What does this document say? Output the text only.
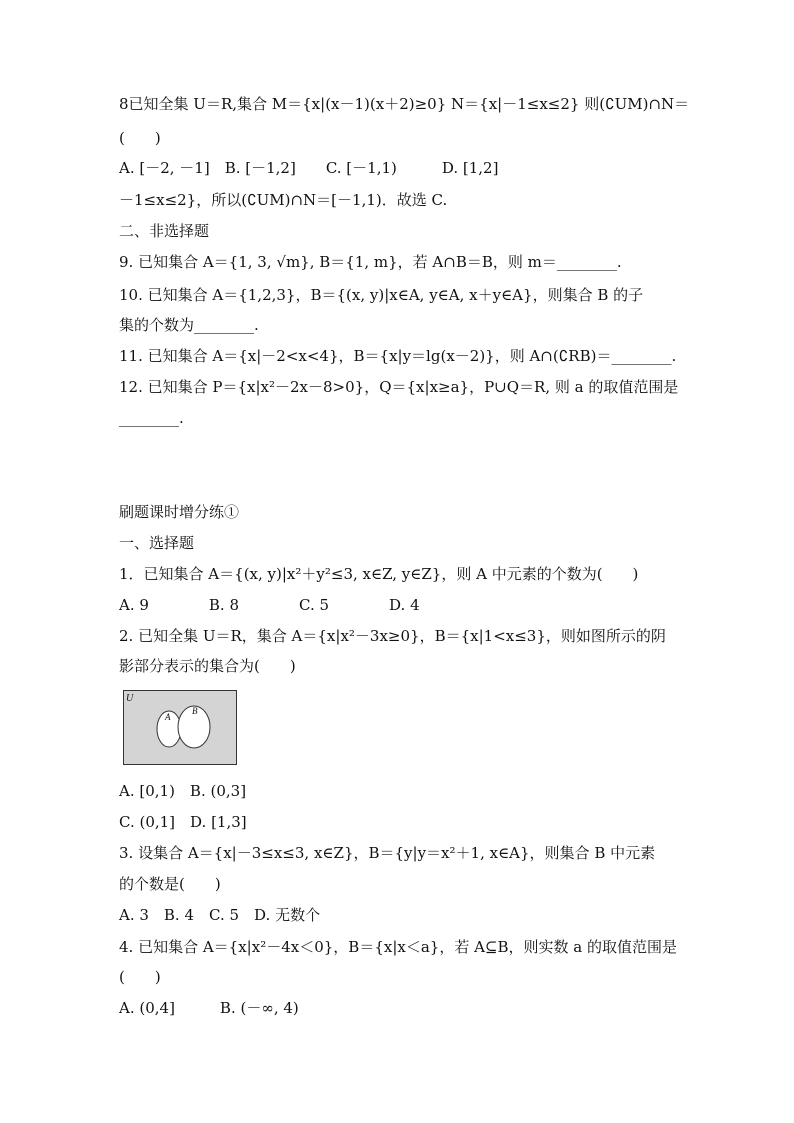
8已知全集 U＝R,集合 M＝{x|(x－1)(x＋2)≥0} N＝{x|－1≤x≤2} 则(∁UM)∩N＝
(　　)
A. [－2, －1]　B. [－1,2]　　C. [－1,1)　　　D. [1,2]
－1≤x≤2}，所以(∁UM)∩N＝[－1,1)．故选 C.
二、非选择题
9. 已知集合 A＝{1, 3, √m}, B＝{1, m}，若 A∩B＝B，则 m＝________.
10. 已知集合 A＝{1,2,3}，B＝{(x, y)|x∈A, y∈A, x＋y∈A}，则集合 B 的子
集的个数为________.
11. 已知集合 A＝{x|－2<x<4}，B＝{x|y＝lg(x－2)}，则 A∩(∁RB)＝________.
12. 已知集合 P＝{x|x²－2x－8>0}，Q＝{x|x≥a}，P∪Q＝R, 则 a 的取值范围是
________.
刷题课时增分练①
一、选择题
1．已知集合 A＝{(x, y)|x²＋y²≤3, x∈Z, y∈Z}，则 A 中元素的个数为(　　)
A. 9　　　　B. 8　　　　C. 5　　　　D. 4
2. 已知全集 U＝R，集合 A＝{x|x²－3x≥0}，B＝{x|1<x≤3}，则如图所示的阴
影部分表示的集合为(　　)
U
A
B
A. [0,1)　B. (0,3]
C. (0,1]　D. [1,3]
3. 设集合 A＝{x|－3≤x≤3, x∈Z}，B＝{y|y＝x²＋1, x∈A}，则集合 B 中元素
的个数是(　　)
A. 3　B. 4　C. 5　D. 无数个
4. 已知集合 A＝{x|x²－4x＜0}，B＝{x|x＜a}，若 A⊆B，则实数 a 的取值范围是
(　　)
A. (0,4]　　　B. (－∞, 4)
